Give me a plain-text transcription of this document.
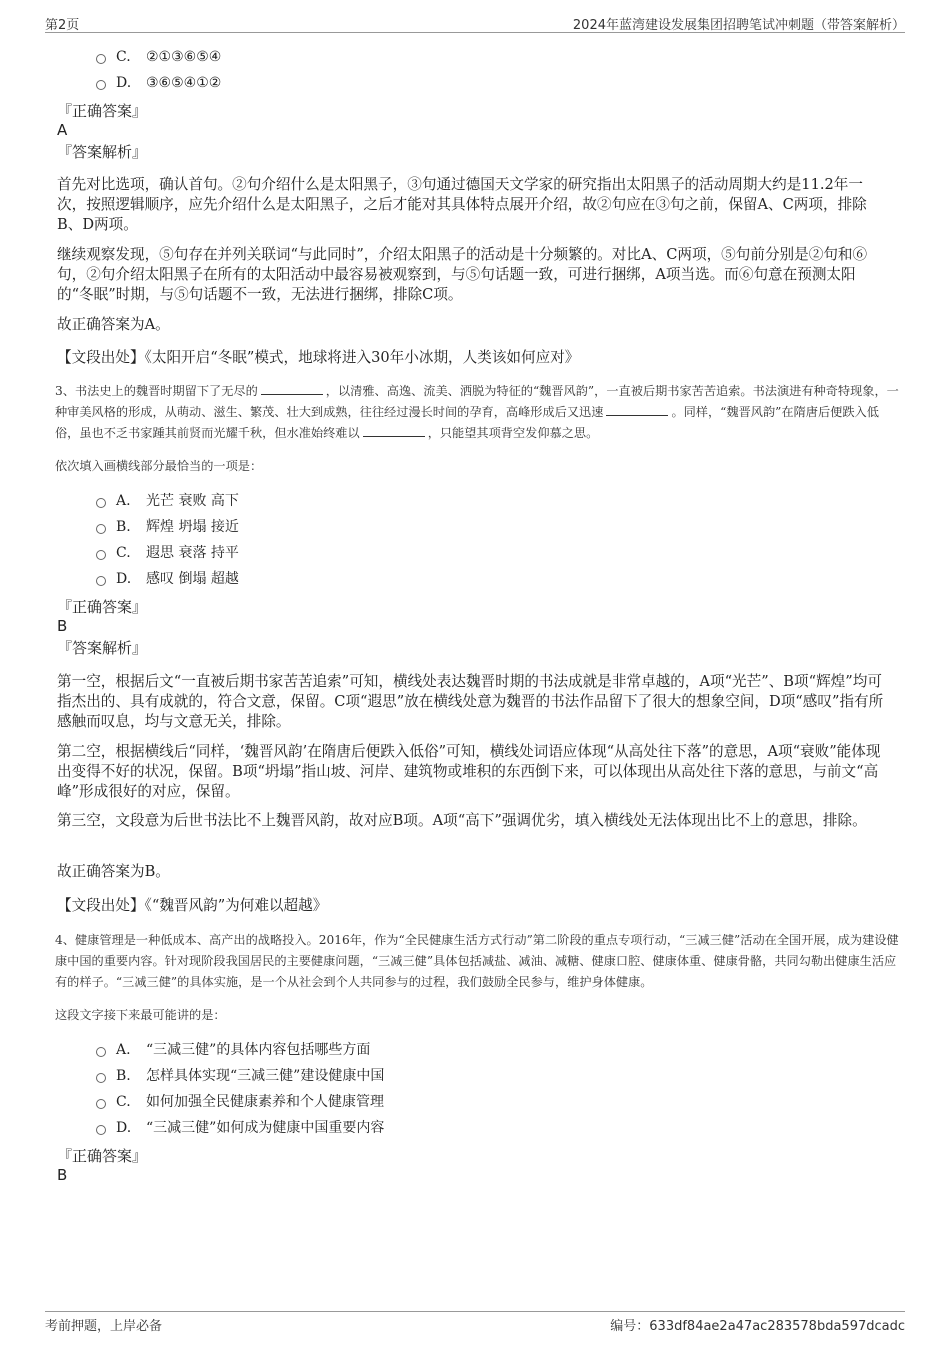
第2页	2024年蓝湾建设发展集团招聘笔试冲刺题（带答案解析）
C. ②①③⑥⑤④
D. ③⑥⑤④①②
『正确答案』
A
『答案解析』
首先对比选项，确认首句。②句介绍什么是太阳黑子，③句通过德国天文学家的研究指出太阳黑子的活动周期大约是11.2年一次，按照逻辑顺序，应先介绍什么是太阳黑子，之后才能对其具体特点展开介绍，故②句应在③句之前，保留A、C两项，排除B、D两项。
继续观察发现，⑤句存在并列关联词“与此同时”，介绍太阳黑子的活动是十分频繁的。对比A、C两项，⑤句前分别是②句和⑥句，②句介绍太阳黑子在所有的太阳活动中最容易被观察到，与⑤句话题一致，可进行捆绑，A项当选。而⑥句意在预测太阳的“冬眠”时期，与⑤句话题不一致，无法进行捆绑，排除C项。
故正确答案为A。
【文段出处】《太阳开启“冬眠”模式，地球将进入30年小冰期，人类该如何应对》
3、书法史上的魏晋时期留下了无尽的	，以清雅、高逸、流美、洒脱为特征的“魏晋风韵”，一直被后期书家苦苦追索。书法演进有种奇特现象，一种审美风格的形成，从萌动、滋生、繁茂、壮大到成熟，往往经过漫长时间的孕育，高峰形成后又迅速	。同样，“魏晋风韵”在隋唐后便跌入低俗，虽也不乏书家踵其前贤而光耀千秋，但水准始终难以	，只能望其项背空发仰慕之思。
依次填入画横线部分最恰当的一项是：
A. 光芒 衰败 高下
B. 辉煌 坍塌 接近
C. 遐思 衰落 持平
D. 感叹 倒塌 超越
『正确答案』
B
『答案解析』
第一空，根据后文“一直被后期书家苦苦追索”可知，横线处表达魏晋时期的书法成就是非常卓越的，A项“光芒”、B项“辉煌”均可指杰出的、具有成就的，符合文意，保留。C项“遐思”放在横线处意为魏晋的书法作品留下了很大的想象空间，D项“感叹”指有所感触而叹息，均与文意无关，排除。
第二空，根据横线后“同样，‘魏晋风韵’在隋唐后便跌入低俗”可知，横线处词语应体现“从高处往下落”的意思，A项“衰败”能体现出变得不好的状况，保留。B项“坍塌”指山坡、河岸、建筑物或堆积的东西倒下来，可以体现出从高处往下落的意思，与前文“高峰”形成很好的对应，保留。
第三空，文段意为后世书法比不上魏晋风韵，故对应B项。A项“高下”强调优劣，填入横线处无法体现出比不上的意思，排除。
故正确答案为B。
【文段出处】《“魏晋风韵”为何难以超越》
4、健康管理是一种低成本、高产出的战略投入。2016年，作为“全民健康生活方式行动”第二阶段的重点专项行动，“三减三健”活动在全国开展，成为建设健康中国的重要内容。针对现阶段我国居民的主要健康问题，“三减三健”具体包括减盐、减油、减糖、健康口腔、健康体重、健康骨骼，共同勾勒出健康生活应有的样子。“三减三健”的具体实施，是一个从社会到个人共同参与的过程，我们鼓励全民参与，维护身体健康。
这段文字接下来最可能讲的是：
A. “三减三健”的具体内容包括哪些方面
B. 怎样具体实现“三减三健”建设健康中国
C. 如何加强全民健康素养和个人健康管理
D. “三减三健”如何成为健康中国重要内容
『正确答案』
B
考前押题，上岸必备	编号：633df84ae2a47ac283578bda597dcadc
